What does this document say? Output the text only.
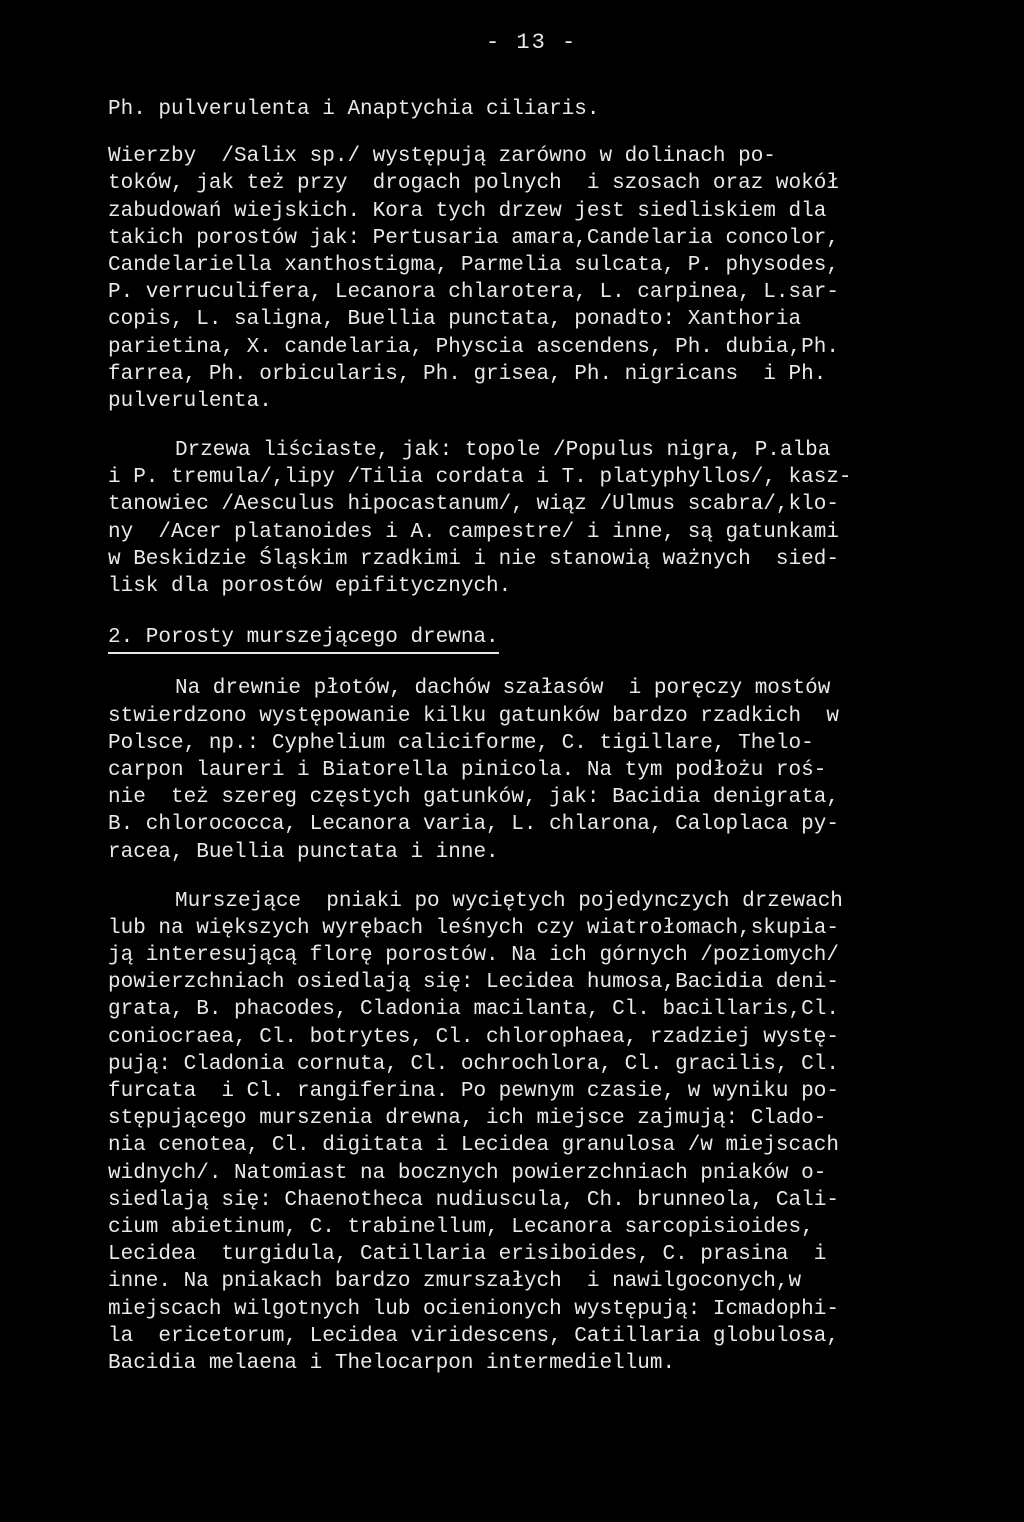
- 13 -
Ph. pulverulenta i Anaptychia ciliaris.
Wierzby  /Salix sp./ występują zarówno w dolinach po-
toków, jak też przy  drogach polnych  i szosach oraz wokół
zabudowań wiejskich. Kora tych drzew jest siedliskiem dla
takich porostów jak: Pertusaria amara,Candelaria concolor,
Candelariella xanthostigma, Parmelia sulcata, P. physodes,
P. verruculifera, Lecanora chlarotera, L. carpinea, L.sar-
copis, L. saligna, Buellia punctata, ponadto: Xanthoria
parietina, X. candelaria, Physcia ascendens, Ph. dubia,Ph.
farrea, Ph. orbicularis, Ph. grisea, Ph. nigricans  i Ph.
pulverulenta.
Drzewa liściaste, jak: topole /Populus nigra, P.alba
i P. tremula/,lipy /Tilia cordata i T. platyphyllos/, kasz-
tanowiec /Aesculus hipocastanum/, wiąz /Ulmus scabra/,klo-
ny  /Acer platanoides i A. campestre/ i inne, są gatunkami
w Beskidzie Śląskim rzadkimi i nie stanowią ważnych  sied-
lisk dla porostów epifitycznych.
2. Porosty murszejącego drewna.
Na drewnie płotów, dachów szałasów  i poręczy mostów
stwierdzono występowanie kilku gatunków bardzo rzadkich  w
Polsce, np.: Cyphelium caliciforme, C. tigillare, Thelo-
carpon laureri i Biatorella pinicola. Na tym podłożu roś-
nie  też szereg częstych gatunków, jak: Bacidia denigrata,
B. chlorococca, Lecanora varia, L. chlarona, Caloplaca py-
racea, Buellia punctata i inne.
Murszejące  pniaki po wyciętych pojedynczych drzewach
lub na większych wyrębach leśnych czy wiatrołomach,skupia-
ją interesującą florę porostów. Na ich górnych /poziomych/
powierzchniach osiedlają się: Lecidea humosa,Bacidia deni-
grata, B. phacodes, Cladonia macilanta, Cl. bacillaris,Cl.
coniocraea, Cl. botrytes, Cl. chlorophaea, rzadziej wystę-
pują: Cladonia cornuta, Cl. ochrochlora, Cl. gracilis, Cl.
furcata  i Cl. rangiferina. Po pewnym czasie, w wyniku po-
stępującego murszenia drewna, ich miejsce zajmują: Clado-
nia cenotea, Cl. digitata i Lecidea granulosa /w miejscach
widnych/. Natomiast na bocznych powierzchniach pniaków o-
siedlają się: Chaenotheca nudiuscula, Ch. brunneola, Cali-
cium abietinum, C. trabinellum, Lecanora sarcopisioides,
Lecidea  turgidula, Catillaria erisiboides, C. prasina  i
inne. Na pniakach bardzo zmurszałych  i nawilgoconych,w
miejscach wilgotnych lub ocienionych występują: Icmadophi-
la  ericetorum, Lecidea viridescens, Catillaria globulosa,
Bacidia melaena i Thelocarpon intermediellum.
